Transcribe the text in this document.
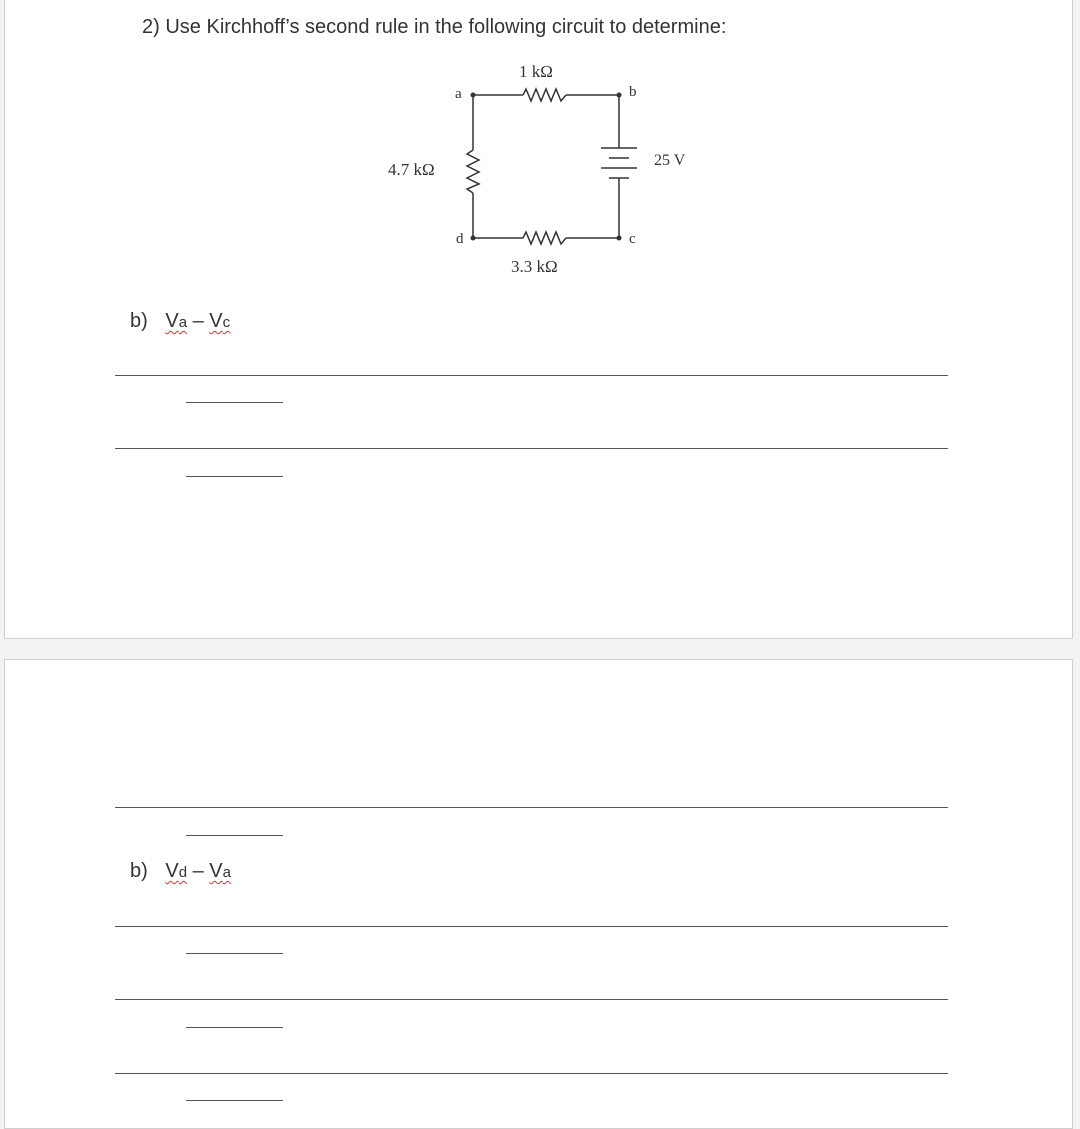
2) Use Kirchhoff’s second rule in the following circuit to determine:
a	b
c
d
1 kΩ
4.7 kΩ
3.3 kΩ
25 V
b) Va – Vc
b) Vd – Va
